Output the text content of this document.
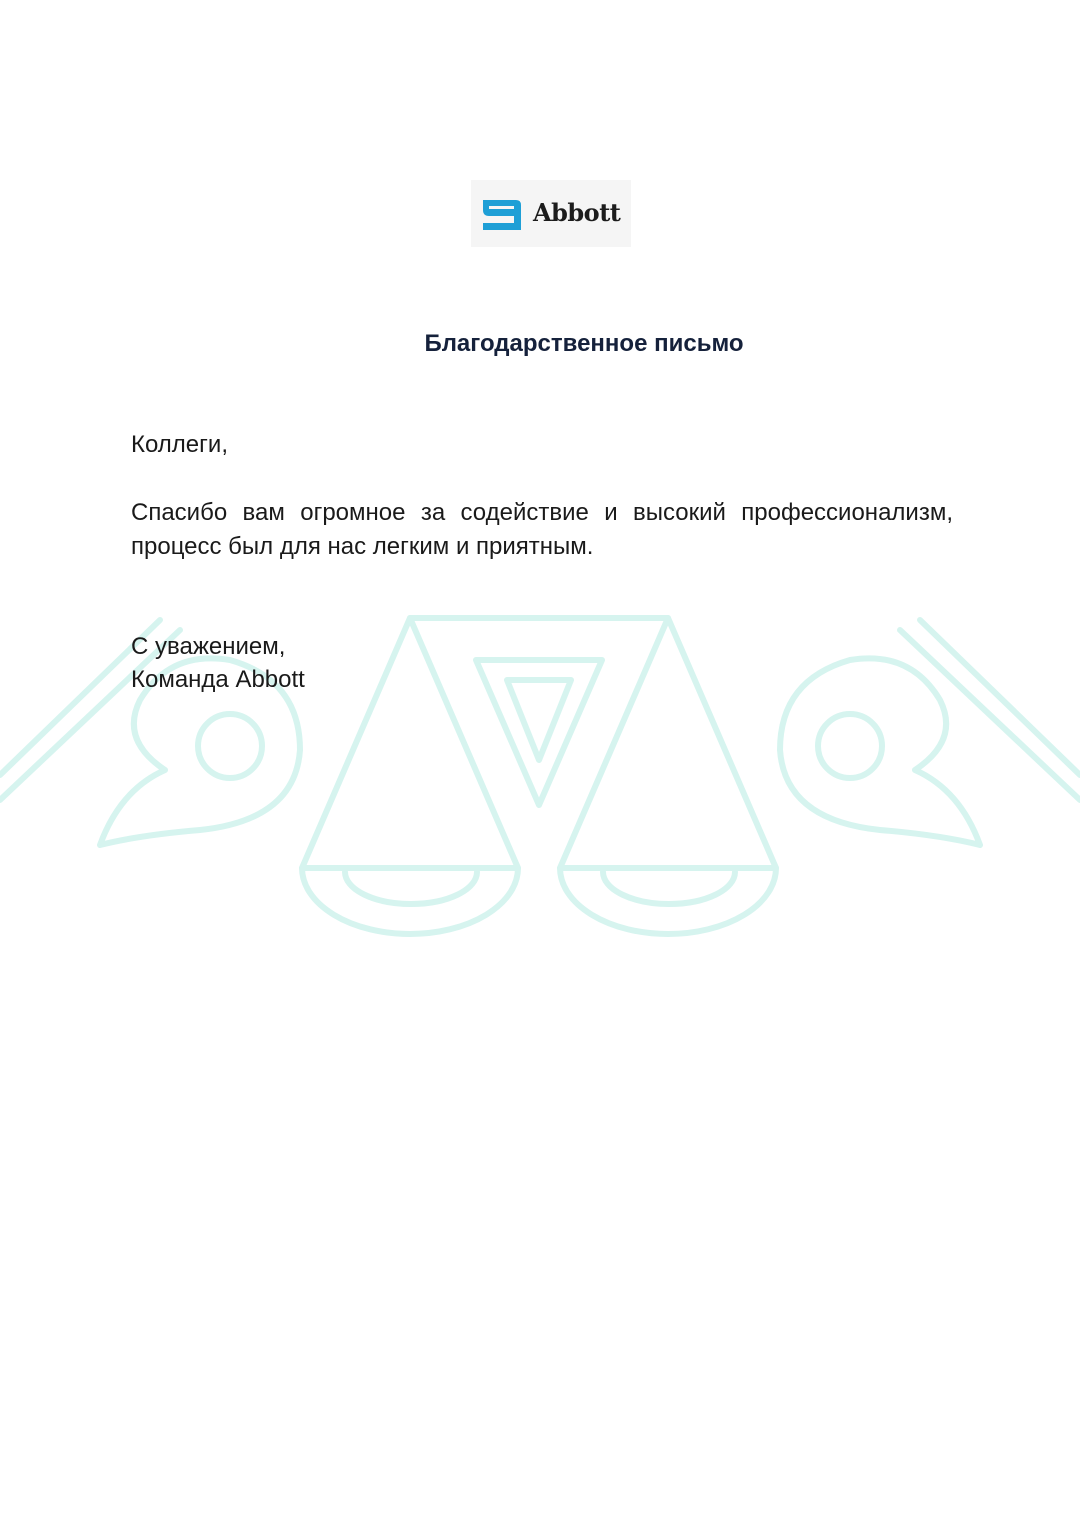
Abbott
Благодарственное письмо
Коллеги,
Спасибо вам огромное за содействие и высокий профессионализм, процесс был для нас легким и приятным.
С уважением,
Команда Abbott
